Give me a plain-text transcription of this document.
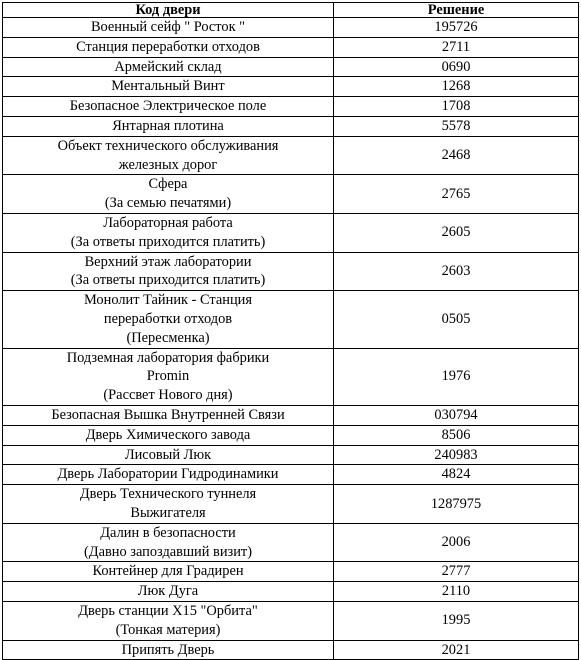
Код двери	Решение

Военный сейф " Росток "	195726

Станция переработки отходов	2711

Армейский склад	0690

Ментальный Винт	1268

Безопасное Электрическое поле	1708

Янтарная плотина	5578

Объект технического обслуживания
железных дорог	2468

Сфера
(За семью печатями)	2765

Лабораторная работа
(За ответы приходится платить)	2605

Верхний этаж лаборатории
(За ответы приходится платить)	2603

Монолит Тайник - Станция
переработки отходов
(Пересменка)	0505

Подземная лаборатория фабрики
Promin
(Рассвет Нового дня)	1976

Безопасная Вышка Внутренней Связи	030794

Дверь Химического завода	8506

Лисовый Люк	240983

Дверь Лаборатории Гидродинамики	4824

Дверь Технического туннеля
Выжигателя	1287975

Далин в безопасности
(Давно запоздавший визит)	2006

Контейнер для Градирен	2777

Люк Дуга	2110

Дверь станции Х15 "Орбита"
(Тонкая материя)	1995

Припять Дверь	2021
